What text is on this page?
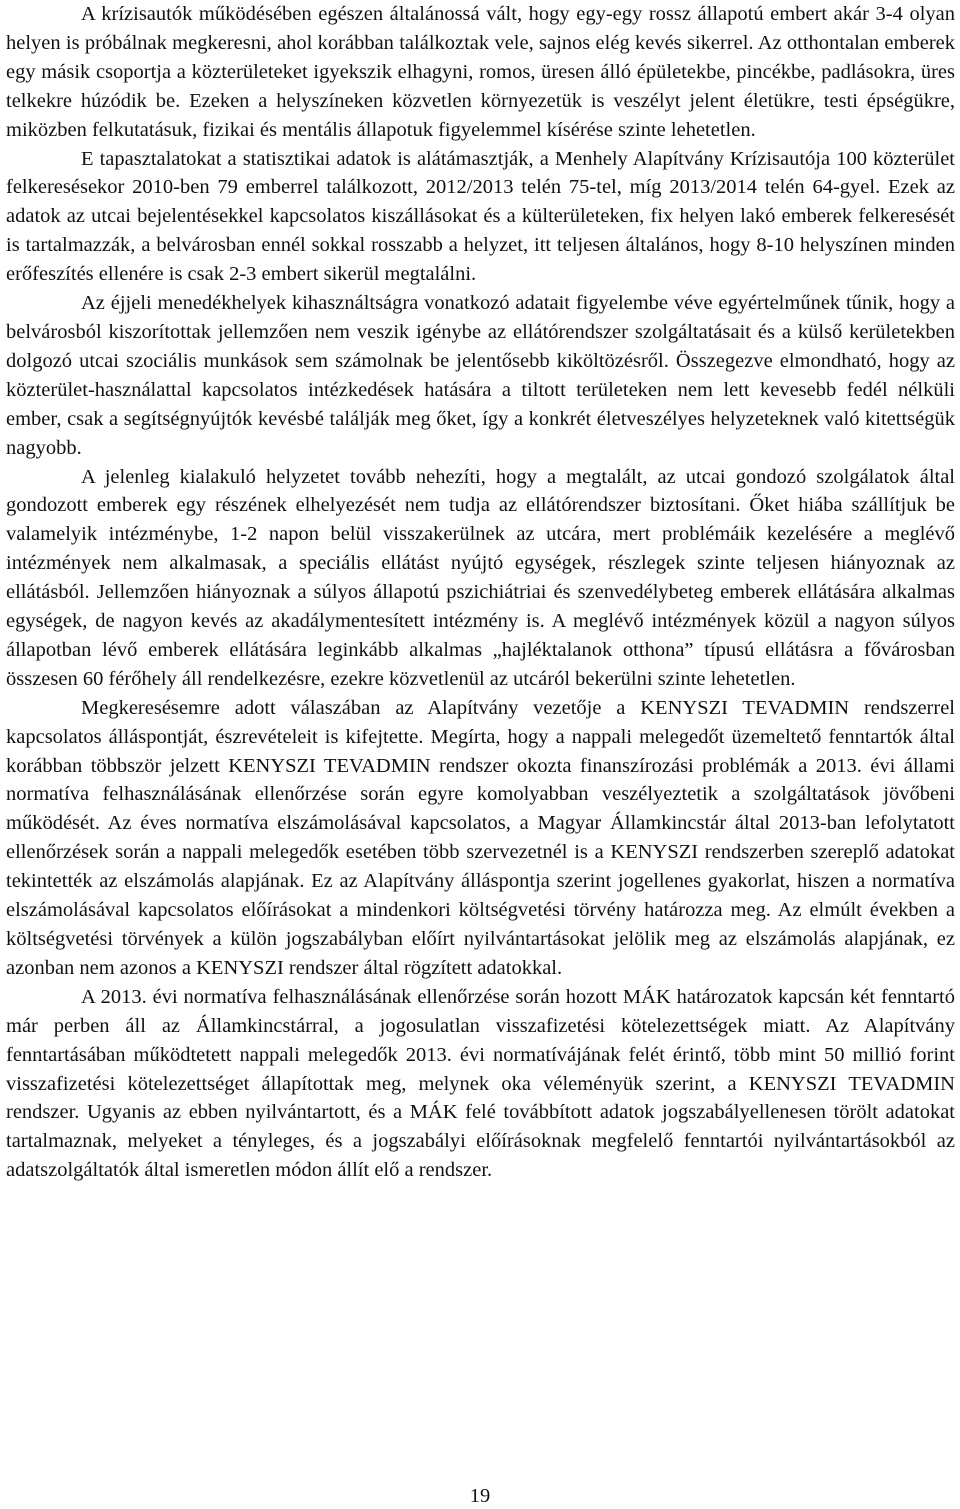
A krízisautók működésében egészen általánossá vált, hogy egy-egy rossz állapotú embert akár 3-4 olyan helyen is próbálnak megkeresni, ahol korábban találkoztak vele, sajnos elég kevés sikerrel. Az otthontalan emberek egy másik csoportja a közterületeket igyekszik elhagyni, romos, üresen álló épületekbe, pincékbe, padlásokra, üres telkekre húzódik be. Ezeken a helyszíneken közvetlen környezetük is veszélyt jelent életükre, testi épségükre, miközben felkutatásuk, fizikai és mentális állapotuk figyelemmel kísérése szinte lehetetlen.

E tapasztalatokat a statisztikai adatok is alátámasztják, a Menhely Alapítvány Krízisautója 100 közterület felkeresésekor 2010-ben 79 emberrel találkozott, 2012/2013 telén 75-tel, míg 2013/2014 telén 64-gyel. Ezek az adatok az utcai bejelentésekkel kapcsolatos kiszállásokat és a külterületeken, fix helyen lakó emberek felkeresését is tartalmazzák, a belvárosban ennél sokkal rosszabb a helyzet, itt teljesen általános, hogy 8-10 helyszínen minden erőfeszítés ellenére is csak 2-3 embert sikerül megtalálni.

Az éjjeli menedékhelyek kihasználtságra vonatkozó adatait figyelembe véve egyértelműnek tűnik, hogy a belvárosból kiszorítottak jellemzően nem veszik igénybe az ellátórendszer szolgáltatásait és a külső kerületekben dolgozó utcai szociális munkások sem számolnak be jelentősebb kiköltözésről. Összegezve elmondható, hogy az közterület-használattal kapcsolatos intézkedések hatására a tiltott területeken nem lett kevesebb fedél nélküli ember, csak a segítségnyújtók kevésbé találják meg őket, így a konkrét életveszélyes helyzeteknek való kitettségük nagyobb.

A jelenleg kialakuló helyzetet tovább nehezíti, hogy a megtalált, az utcai gondozó szolgálatok által gondozott emberek egy részének elhelyezését nem tudja az ellátórendszer biztosítani. Őket hiába szállítjuk be valamelyik intézménybe, 1-2 napon belül visszakerülnek az utcára, mert problémáik kezelésére a meglévő intézmények nem alkalmasak, a speciális ellátást nyújtó egységek, részlegek szinte teljesen hiányoznak az ellátásból. Jellemzően hiányoznak a súlyos állapotú pszichiátriai és szenvedélybeteg emberek ellátására alkalmas egységek, de nagyon kevés az akadálymentesített intézmény is. A meglévő intézmények közül a nagyon súlyos állapotban lévő emberek ellátására leginkább alkalmas „hajléktalanok otthona” típusú ellátásra a fővárosban összesen 60 férőhely áll rendelkezésre, ezekre közvetlenül az utcáról bekerülni szinte lehetetlen.

Megkeresésemre adott válaszában az Alapítvány vezetője a KENYSZI TEVADMIN rendszerrel kapcsolatos álláspontját, észrevételeit is kifejtette. Megírta, hogy a nappali melegedőt üzemeltető fenntartók által korábban többször jelzett KENYSZI TEVADMIN rendszer okozta finanszírozási problémák a 2013. évi állami normatíva felhasználásának ellenőrzése során egyre komolyabban veszélyeztetik a szolgáltatások jövőbeni működését. Az éves normatíva elszámolásával kapcsolatos, a Magyar Államkincstár által 2013-ban lefolytatott ellenőrzések során a nappali melegedők esetében több szervezetnél is a KENYSZI rendszerben szereplő adatokat tekintették az elszámolás alapjának. Ez az Alapítvány álláspontja szerint jogellenes gyakorlat, hiszen a normatíva elszámolásával kapcsolatos előírásokat a mindenkori költségvetési törvény határozza meg. Az elmúlt években a költségvetési törvények a külön jogszabályban előírt nyilvántartásokat jelölik meg az elszámolás alapjának, ez azonban nem azonos a KENYSZI rendszer által rögzített adatokkal.

A 2013. évi normatíva felhasználásának ellenőrzése során hozott MÁK határozatok kapcsán két fenntartó már perben áll az Államkincstárral, a jogosulatlan visszafizetési kötelezettségek miatt. Az Alapítvány fenntartásában működtetett nappali melegedők 2013. évi normatívájának felét érintő, több mint 50 millió forint visszafizetési kötelezettséget állapítottak meg, melynek oka véleményük szerint, a KENYSZI TEVADMIN rendszer. Ugyanis az ebben nyilvántartott, és a MÁK felé továbbított adatok jogszabályellenesen törölt adatokat tartalmaznak, melyeket a tényleges, és a jogszabályi előírásoknak megfelelő fenntartói nyilvántartásokból az adatszolgáltatók által ismeretlen módon állít elő a rendszer.

19
